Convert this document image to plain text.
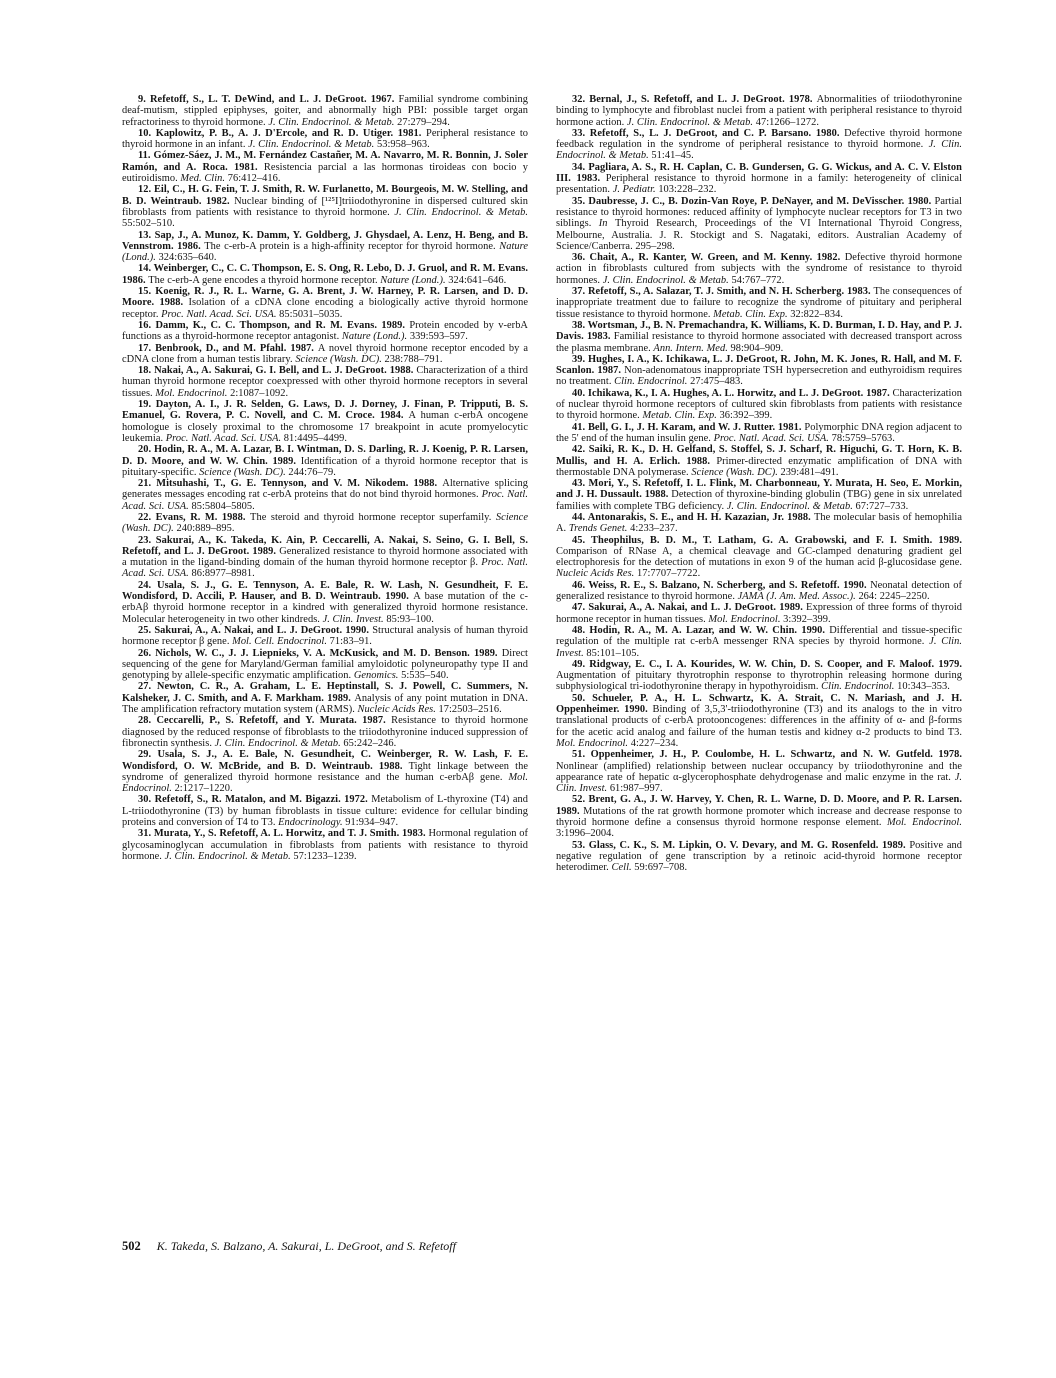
9. Refetoff, S., L. T. DeWind, and L. J. DeGroot. 1967. Familial syndrome combining deaf-mutism, stippled epiphyses, goiter, and abnormally high PBI: possible target organ refractoriness to thyroid hormone. J. Clin. Endocrinol. & Metab. 27:279–294.

10. Kaplowitz, P. B., A. J. D'Ercole, and R. D. Utiger. 1981. Peripheral resistance to thyroid hormone in an infant. J. Clin. Endocrinol. & Metab. 53:958–963.

11. Gómez-Sáez, J. M., M. Fernández Castañer, M. A. Navarro, M. R. Bonnin, J. Soler Ramón, and A. Roca. 1981. Resistencia parcial a las hormonas tiroideas con bocio y eutiroidismo. Med. Clin. 76:412–416.

12. Eil, C., H. G. Fein, T. J. Smith, R. W. Furlanetto, M. Bourgeois, M. W. Stelling, and B. D. Weintraub. 1982. Nuclear binding of [¹²⁵I]triiodothyronine in dispersed cultured skin fibroblasts from patients with resistance to thyroid hormone. J. Clin. Endocrinol. & Metab. 55:502–510.

13. Sap, J., A. Munoz, K. Damm, Y. Goldberg, J. Ghysdael, A. Lenz, H. Beng, and B. Vennstrom. 1986. The c-erb-A protein is a high-affinity receptor for thyroid hormone. Nature (Lond.). 324:635–640.

14. Weinberger, C., C. C. Thompson, E. S. Ong, R. Lebo, D. J. Gruol, and R. M. Evans. 1986. The c-erb-A gene encodes a thyroid hormone receptor. Nature (Lond.). 324:641–646.

15. Koenig, R. J., R. L. Warne, G. A. Brent, J. W. Harney, P. R. Larsen, and D. D. Moore. 1988. Isolation of a cDNA clone encoding a biologically active thyroid hormone receptor. Proc. Natl. Acad. Sci. USA. 85:5031–5035.

16. Damm, K., C. C. Thompson, and R. M. Evans. 1989. Protein encoded by v-erbA functions as a thyroid-hormone receptor antagonist. Nature (Lond.). 339:593–597.

17. Benbrook, D., and M. Pfahl. 1987. A novel thyroid hormone receptor encoded by a cDNA clone from a human testis library. Science (Wash. DC). 238:788–791.

18. Nakai, A., A. Sakurai, G. I. Bell, and L. J. DeGroot. 1988. Characterization of a third human thyroid hormone receptor coexpressed with other thyroid hormone receptors in several tissues. Mol. Endocrinol. 2:1087–1092.

19. Dayton, A. I., J. R. Selden, G. Laws, D. J. Dorney, J. Finan, P. Tripputi, B. S. Emanuel, G. Rovera, P. C. Novell, and C. M. Croce. 1984. A human c-erbA oncogene homologue is closely proximal to the chromosome 17 breakpoint in acute promyelocytic leukemia. Proc. Natl. Acad. Sci. USA. 81:4495–4499.

20. Hodin, R. A., M. A. Lazar, B. I. Wintman, D. S. Darling, R. J. Koenig, P. R. Larsen, D. D. Moore, and W. W. Chin. 1989. Identification of a thyroid hormone receptor that is pituitary-specific. Science (Wash. DC). 244:76–79.

21. Mitsuhashi, T., G. E. Tennyson, and V. M. Nikodem. 1988. Alternative splicing generates messages encoding rat c-erbA proteins that do not bind thyroid hormones. Proc. Natl. Acad. Sci. USA. 85:5804–5805.

22. Evans, R. M. 1988. The steroid and thyroid hormone receptor superfamily. Science (Wash. DC). 240:889–895.

23. Sakurai, A., K. Takeda, K. Ain, P. Ceccarelli, A. Nakai, S. Seino, G. I. Bell, S. Refetoff, and L. J. DeGroot. 1989. Generalized resistance to thyroid hormone associated with a mutation in the ligand-binding domain of the human thyroid hormone receptor β. Proc. Natl. Acad. Sci. USA. 86:8977–8981.

24. Usala, S. J., G. E. Tennyson, A. E. Bale, R. W. Lash, N. Gesundheit, F. E. Wondisford, D. Accili, P. Hauser, and B. D. Weintraub. 1990. A base mutation of the c-erbAβ thyroid hormone receptor in a kindred with generalized thyroid hormone resistance. Molecular heterogeneity in two other kindreds. J. Clin. Invest. 85:93–100.

25. Sakurai, A., A. Nakai, and L. J. DeGroot. 1990. Structural analysis of human thyroid hormone receptor β gene. Mol. Cell. Endocrinol. 71:83–91.

26. Nichols, W. C., J. J. Liepnieks, V. A. McKusick, and M. D. Benson. 1989. Direct sequencing of the gene for Maryland/German familial amyloidotic polyneuropathy type II and genotyping by allele-specific enzymatic amplification. Genomics. 5:535–540.

27. Newton, C. R., A. Graham, L. E. Heptinstall, S. J. Powell, C. Summers, N. Kalsheker, J. C. Smith, and A. F. Markham. 1989. Analysis of any point mutation in DNA. The amplification refractory mutation system (ARMS). Nucleic Acids Res. 17:2503–2516.

28. Ceccarelli, P., S. Refetoff, and Y. Murata. 1987. Resistance to thyroid hormone diagnosed by the reduced response of fibroblasts to the triiodothyronine induced suppression of fibronectin synthesis. J. Clin. Endocrinol. & Metab. 65:242–246.

29. Usala, S. J., A. E. Bale, N. Gesundheit, C. Weinberger, R. W. Lash, F. E. Wondisford, O. W. McBride, and B. D. Weintraub. 1988. Tight linkage between the syndrome of generalized thyroid hormone resistance and the human c-erbAβ gene. Mol. Endocrinol. 2:1217–1220.

30. Refetoff, S., R. Matalon, and M. Bigazzi. 1972. Metabolism of L-thyroxine (T4) and L-triiodothyronine (T3) by human fibroblasts in tissue culture: evidence for cellular binding proteins and conversion of T4 to T3. Endocrinology. 91:934–947.

31. Murata, Y., S. Refetoff, A. L. Horwitz, and T. J. Smith. 1983. Hormonal regulation of glycosaminoglycan accumulation in fibroblasts from patients with resistance to thyroid hormone. J. Clin. Endocrinol. & Metab. 57:1233–1239.

32. Bernal, J., S. Refetoff, and L. J. DeGroot. 1978. Abnormalities of triiodothyronine binding to lymphocyte and fibroblast nuclei from a patient with peripheral resistance to thyroid hormone action. J. Clin. Endocrinol. & Metab. 47:1266–1272.

33. Refetoff, S., L. J. DeGroot, and C. P. Barsano. 1980. Defective thyroid hormone feedback regulation in the syndrome of peripheral resistance to thyroid hormone. J. Clin. Endocrinol. & Metab. 51:41–45.

34. Pagliara, A. S., R. H. Caplan, C. B. Gundersen, G. G. Wickus, and A. C. V. Elston III. 1983. Peripheral resistance to thyroid hormone in a family: heterogeneity of clinical presentation. J. Pediatr. 103:228–232.

35. Daubresse, J. C., B. Dozin-Van Roye, P. DeNayer, and M. DeVisscher. 1980. Partial resistance to thyroid hormones: reduced affinity of lymphocyte nuclear receptors for T3 in two siblings. In Thyroid Research, Proceedings of the VI International Thyroid Congress, Melbourne, Australia. J. R. Stockigt and S. Nagataki, editors. Australian Academy of Science/Canberra. 295–298.

36. Chait, A., R. Kanter, W. Green, and M. Kenny. 1982. Defective thyroid hormone action in fibroblasts cultured from subjects with the syndrome of resistance to thyroid hormones. J. Clin. Endocrinol. & Metab. 54:767–772.

37. Refetoff, S., A. Salazar, T. J. Smith, and N. H. Scherberg. 1983. The consequences of inappropriate treatment due to failure to recognize the syndrome of pituitary and peripheral tissue resistance to thyroid hormone. Metab. Clin. Exp. 32:822–834.

38. Wortsman, J., B. N. Premachandra, K. Williams, K. D. Burman, I. D. Hay, and P. J. Davis. 1983. Familial resistance to thyroid hormone associated with decreased transport across the plasma membrane. Ann. Intern. Med. 98:904–909.

39. Hughes, I. A., K. Ichikawa, L. J. DeGroot, R. John, M. K. Jones, R. Hall, and M. F. Scanlon. 1987. Non-adenomatous inappropriate TSH hypersecretion and euthyroidism requires no treatment. Clin. Endocrinol. 27:475–483.

40. Ichikawa, K., I. A. Hughes, A. L. Horwitz, and L. J. DeGroot. 1987. Characterization of nuclear thyroid hormone receptors of cultured skin fibroblasts from patients with resistance to thyroid hormone. Metab. Clin. Exp. 36:392–399.

41. Bell, G. I., J. H. Karam, and W. J. Rutter. 1981. Polymorphic DNA region adjacent to the 5' end of the human insulin gene. Proc. Natl. Acad. Sci. USA. 78:5759–5763.

42. Saiki, R. K., D. H. Gelfand, S. Stoffel, S. J. Scharf, R. Higuchi, G. T. Horn, K. B. Mullis, and H. A. Erlich. 1988. Primer-directed enzymatic amplification of DNA with thermostable DNA polymerase. Science (Wash. DC). 239:481–491.

43. Mori, Y., S. Refetoff, I. L. Flink, M. Charbonneau, Y. Murata, H. Seo, E. Morkin, and J. H. Dussault. 1988. Detection of thyroxine-binding globulin (TBG) gene in six unrelated families with complete TBG deficiency. J. Clin. Endocrinol. & Metab. 67:727–733.

44. Antonarakis, S. E., and H. H. Kazazian, Jr. 1988. The molecular basis of hemophilia A. Trends Genet. 4:233–237.

45. Theophilus, B. D. M., T. Latham, G. A. Grabowski, and F. I. Smith. 1989. Comparison of RNase A, a chemical cleavage and GC-clamped denaturing gradient gel electrophoresis for the detection of mutations in exon 9 of the human acid β-glucosidase gene. Nucleic Acids Res. 17:7707–7722.

46. Weiss, R. E., S. Balzano, N. Scherberg, and S. Refetoff. 1990. Neonatal detection of generalized resistance to thyroid hormone. JAMA (J. Am. Med. Assoc.). 264: 2245–2250.

47. Sakurai, A., A. Nakai, and L. J. DeGroot. 1989. Expression of three forms of thyroid hormone receptor in human tissues. Mol. Endocrinol. 3:392–399.

48. Hodin, R. A., M. A. Lazar, and W. W. Chin. 1990. Differential and tissue-specific regulation of the multiple rat c-erbA messenger RNA species by thyroid hormone. J. Clin. Invest. 85:101–105.

49. Ridgway, E. C., I. A. Kourides, W. W. Chin, D. S. Cooper, and F. Maloof. 1979. Augmentation of pituitary thyrotrophin response to thyrotrophin releasing hormone during subphysiological tri-iodothyronine therapy in hypothyroidism. Clin. Endocrinol. 10:343–353.

50. Schueler, P. A., H. L. Schwartz, K. A. Strait, C. N. Mariash, and J. H. Oppenheimer. 1990. Binding of 3,5,3'-triiodothyronine (T3) and its analogs to the in vitro translational products of c-erbA protooncogenes: differences in the affinity of α- and β-forms for the acetic acid analog and failure of the human testis and kidney α-2 products to bind T3. Mol. Endocrinol. 4:227–234.

51. Oppenheimer, J. H., P. Coulombe, H. L. Schwartz, and N. W. Gutfeld. 1978. Nonlinear (amplified) relationship between nuclear occupancy by triiodothyronine and the appearance rate of hepatic α-glycerophosphate dehydrogenase and malic enzyme in the rat. J. Clin. Invest. 61:987–997.

52. Brent, G. A., J. W. Harvey, Y. Chen, R. L. Warne, D. D. Moore, and P. R. Larsen. 1989. Mutations of the rat growth hormone promoter which increase and decrease response to thyroid hormone define a consensus thyroid hormone response element. Mol. Endocrinol. 3:1996–2004.

53. Glass, C. K., S. M. Lipkin, O. V. Devary, and M. G. Rosenfeld. 1989. Positive and negative regulation of gene transcription by a retinoic acid-thyroid hormone receptor heterodimer. Cell. 59:697–708.

502 K. Takeda, S. Balzano, A. Sakurai, L. DeGroot, and S. Refetoff
